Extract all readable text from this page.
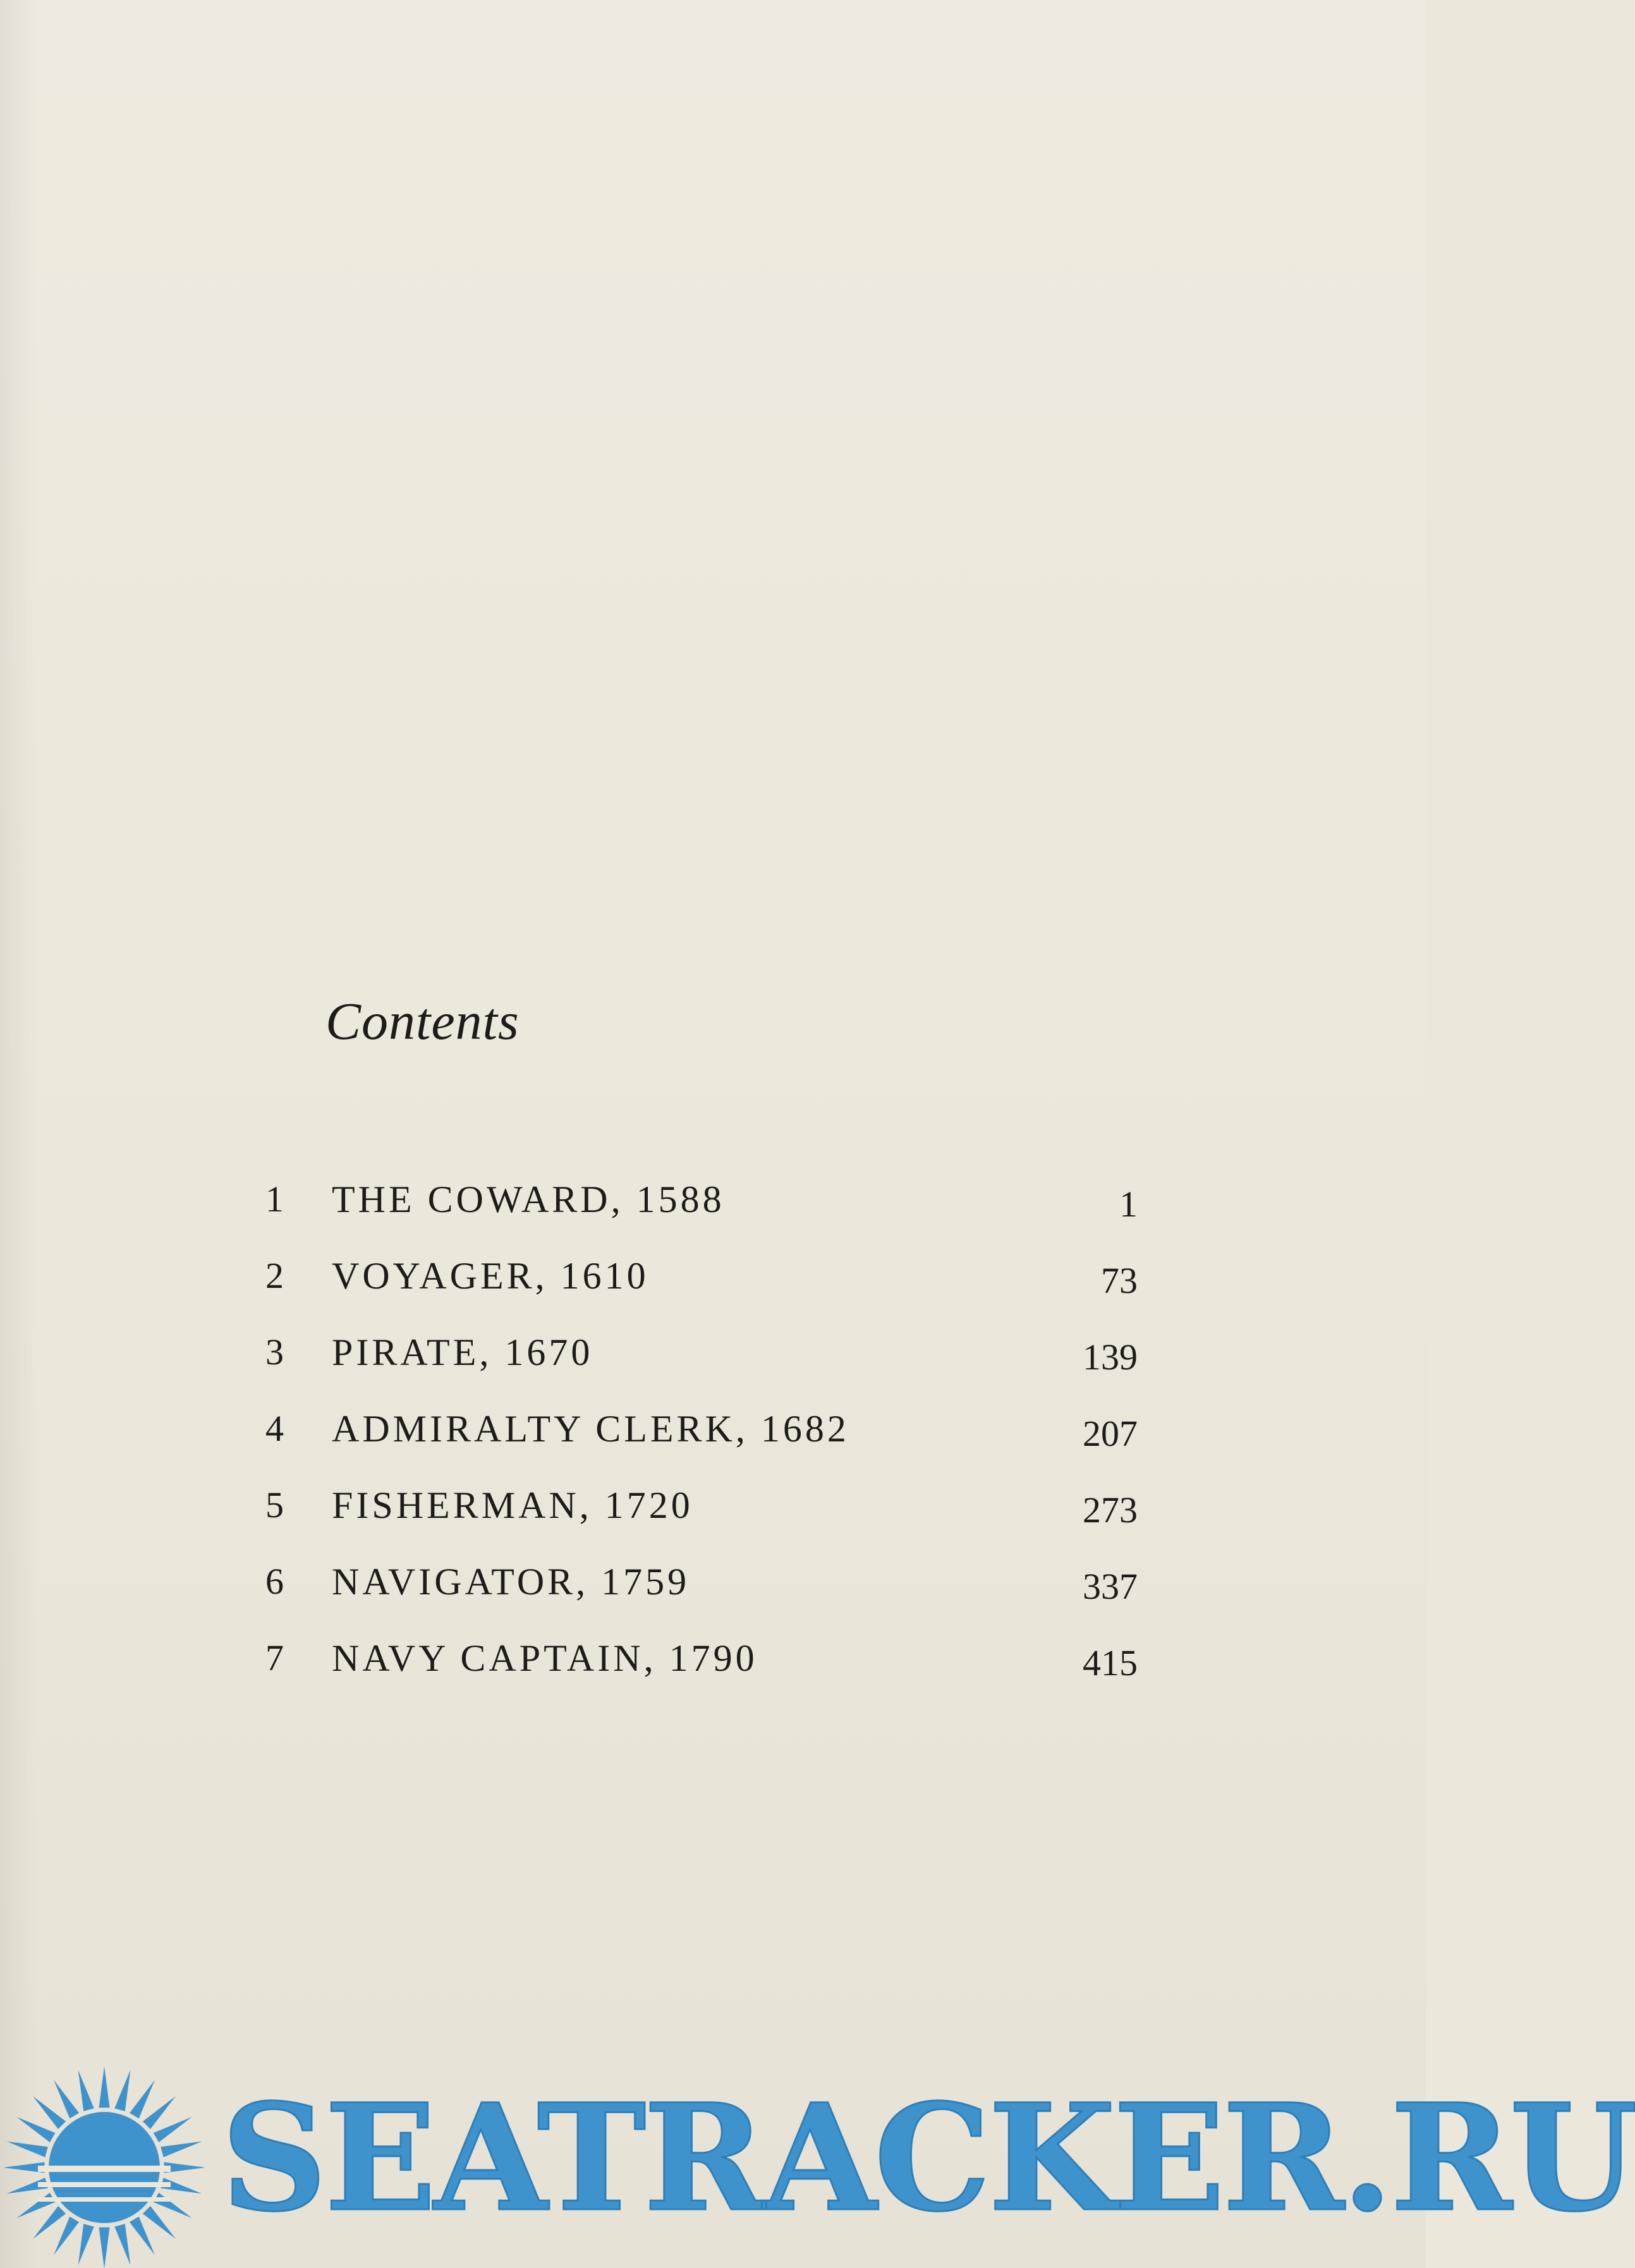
Contents
1	THE COWARD, 1588	1
2	VOYAGER, 1610	73
3	PIRATE, 1670	139
4	ADMIRALTY CLERK, 1682	207
5	FISHERMAN, 1720	273
6	NAVIGATOR, 1759	337
7	NAVY CAPTAIN, 1790	415
SEATRACKER.RU
